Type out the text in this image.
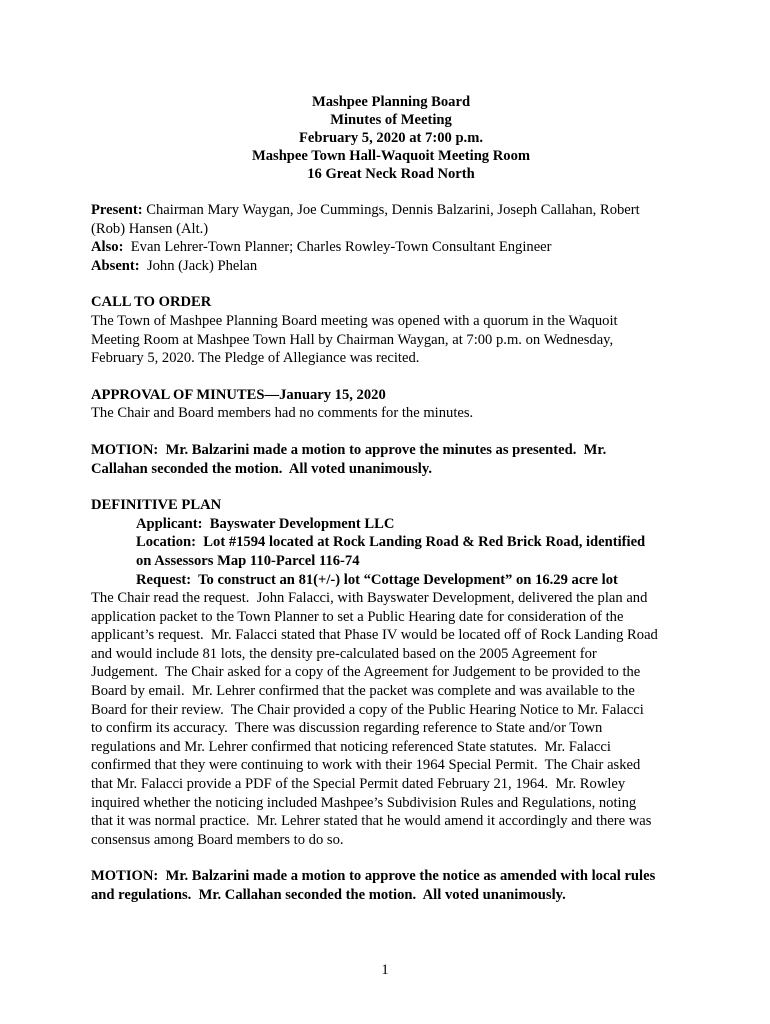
Mashpee Planning Board
Minutes of Meeting
February 5, 2020 at 7:00 p.m.
Mashpee Town Hall-Waquoit Meeting Room
16 Great Neck Road North
Present: Chairman Mary Waygan, Joe Cummings, Dennis Balzarini, Joseph Callahan, Robert
(Rob) Hansen (Alt.)
Also:  Evan Lehrer-Town Planner; Charles Rowley-Town Consultant Engineer
Absent:  John (Jack) Phelan
CALL TO ORDER
The Town of Mashpee Planning Board meeting was opened with a quorum in the Waquoit
Meeting Room at Mashpee Town Hall by Chairman Waygan, at 7:00 p.m. on Wednesday,
February 5, 2020. The Pledge of Allegiance was recited.
APPROVAL OF MINUTES—January 15, 2020
The Chair and Board members had no comments for the minutes.
MOTION:  Mr. Balzarini made a motion to approve the minutes as presented.  Mr.
Callahan seconded the motion.  All voted unanimously.
DEFINITIVE PLAN
Applicant:  Bayswater Development LLC
Location:  Lot #1594 located at Rock Landing Road & Red Brick Road, identified
on Assessors Map 110-Parcel 116-74
Request:  To construct an 81(+/-) lot “Cottage Development” on 16.29 acre lot
The Chair read the request.  John Falacci, with Bayswater Development, delivered the plan and
application packet to the Town Planner to set a Public Hearing date for consideration of the
applicant’s request.  Mr. Falacci stated that Phase IV would be located off of Rock Landing Road
and would include 81 lots, the density pre-calculated based on the 2005 Agreement for
Judgement.  The Chair asked for a copy of the Agreement for Judgement to be provided to the
Board by email.  Mr. Lehrer confirmed that the packet was complete and was available to the
Board for their review.  The Chair provided a copy of the Public Hearing Notice to Mr. Falacci
to confirm its accuracy.  There was discussion regarding reference to State and/or Town
regulations and Mr. Lehrer confirmed that noticing referenced State statutes.  Mr. Falacci
confirmed that they were continuing to work with their 1964 Special Permit.  The Chair asked
that Mr. Falacci provide a PDF of the Special Permit dated February 21, 1964.  Mr. Rowley
inquired whether the noticing included Mashpee’s Subdivision Rules and Regulations, noting
that it was normal practice.  Mr. Lehrer stated that he would amend it accordingly and there was
consensus among Board members to do so.
MOTION:  Mr. Balzarini made a motion to approve the notice as amended with local rules
and regulations.  Mr. Callahan seconded the motion.  All voted unanimously.
1
